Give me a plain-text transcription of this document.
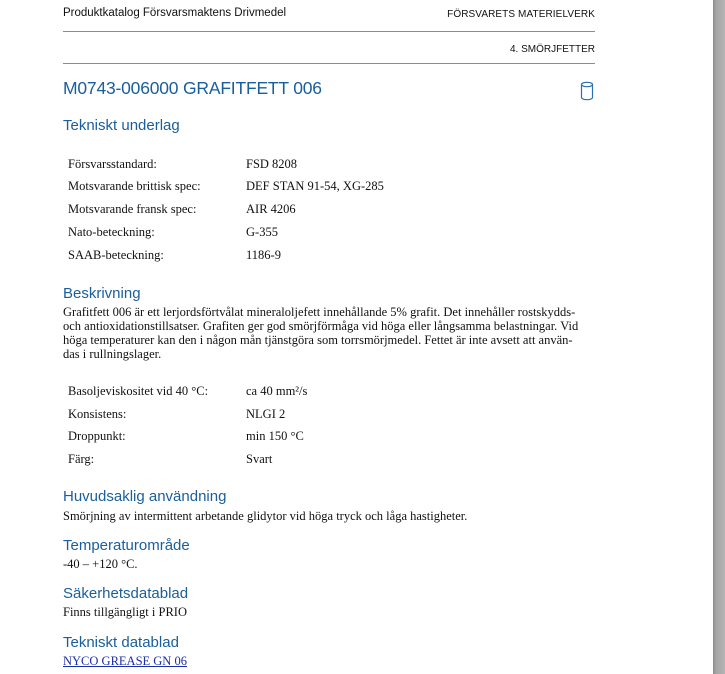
Produktkatalog Försvarsmaktens Drivmedel	FÖRSVARETS MATERIELVERK
4. SMÖRJFETTER
M0743-006000 GRAFITFETT 006
Tekniskt underlag
Försvarsstandard:	FSD 8208
Motsvarande brittisk spec:	DEF STAN 91-54, XG-285
Motsvarande fransk spec:	AIR 4206
Nato-beteckning:	G-355
SAAB-beteckning:	1186-9
Beskrivning
Grafitfett 006 är ett lerjordsförtvålat mineraloljefett innehållande 5% grafit. Det innehåller rostskydds-
och antioxidationstillsatser. Grafiten ger god smörjförmåga vid höga eller långsamma belastningar. Vid
höga temperaturer kan den i någon mån tjänstgöra som torrsmörjmedel. Fettet är inte avsett att använ-
das i rullningslager.
Basoljeviskositet vid 40 °C:	ca 40 mm²/s
Konsistens:	NLGI 2
Droppunkt:	min 150 °C
Färg:	Svart
Huvudsaklig användning
Smörjning av intermittent arbetande glidytor vid höga tryck och låga hastigheter.
Temperaturområde
-40 – +120 °C.
Säkerhetsdatablad
Finns tillgängligt i PRIO
Tekniskt datablad
NYCO GREASE GN 06
